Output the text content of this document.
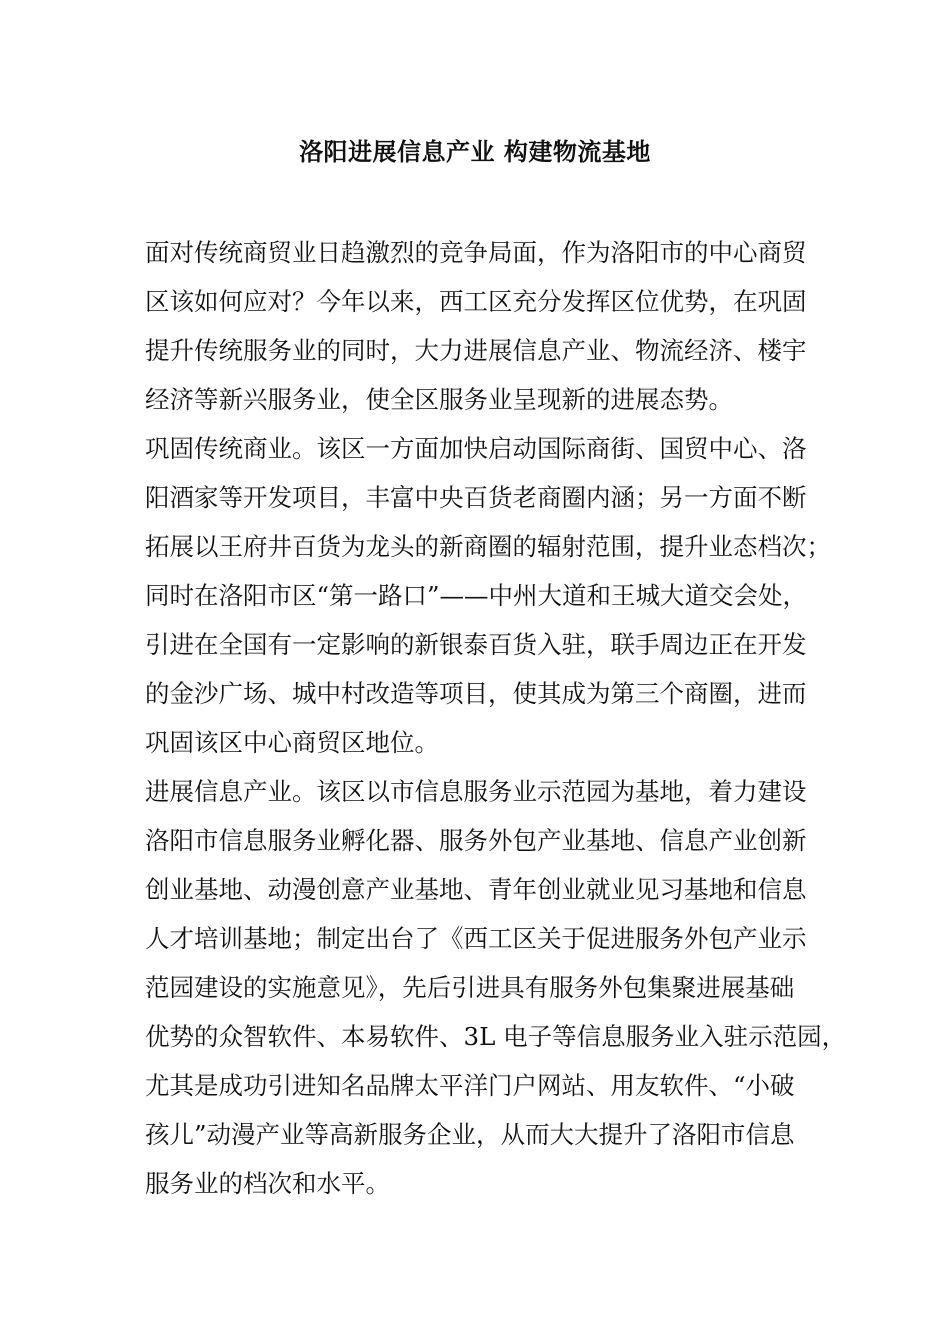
洛阳进展信息产业 构建物流基地
面对传统商贸业日趋激烈的竞争局面，作为洛阳市的中心商贸
区该如何应对？今年以来，西工区充分发挥区位优势，在巩固
提升传统服务业的同时，大力进展信息产业、物流经济、楼宇
经济等新兴服务业，使全区服务业呈现新的进展态势。
巩固传统商业。该区一方面加快启动国际商街、国贸中心、洛
阳酒家等开发项目，丰富中央百货老商圈内涵；另一方面不断
拓展以王府井百货为龙头的新商圈的辐射范围，提升业态档次；
同时在洛阳市区“第一路口”——中州大道和王城大道交会处，
引进在全国有一定影响的新银泰百货入驻，联手周边正在开发
的金沙广场、城中村改造等项目，使其成为第三个商圈，进而
巩固该区中心商贸区地位。
进展信息产业。该区以市信息服务业示范园为基地，着力建设
洛阳市信息服务业孵化器、服务外包产业基地、信息产业创新
创业基地、动漫创意产业基地、青年创业就业见习基地和信息
人才培训基地；制定出台了《西工区关于促进服务外包产业示
范园建设的实施意见》，先后引进具有服务外包集聚进展基础
优势的众智软件、本易软件、3L 电子等信息服务业入驻示范园，
尤其是成功引进知名品牌太平洋门户网站、用友软件、“小破
孩儿”动漫产业等高新服务企业，从而大大提升了洛阳市信息
服务业的档次和水平。
